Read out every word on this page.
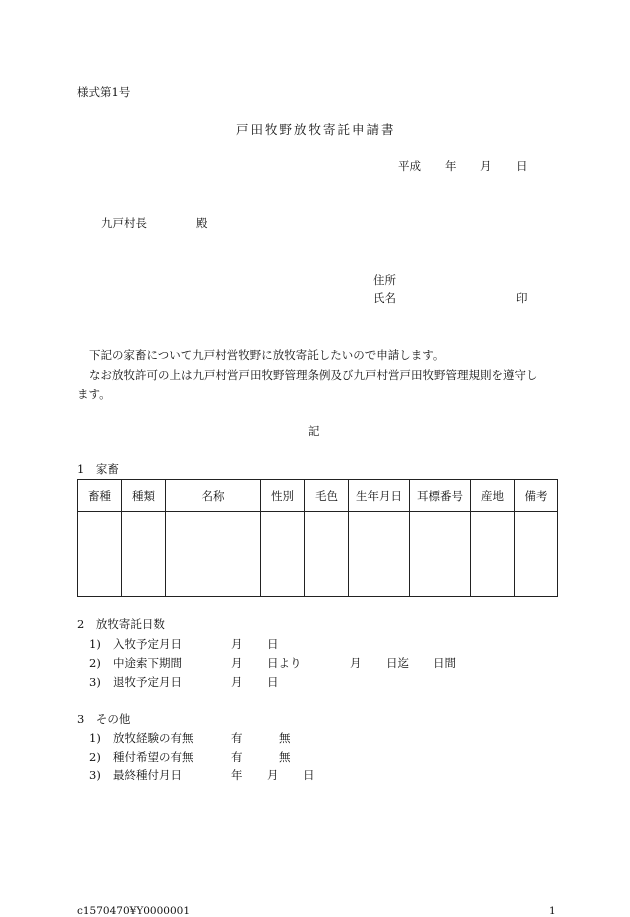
様式第1号
戸田牧野放牧寄託申請書
平成 年 月 日
九戸村長	殿
住所
氏名	印
下記の家畜について九戸村営牧野に放牧寄託したいので申請します。
なお放牧許可の上は九戸村営戸田牧野管理条例及び九戸村営戸田牧野管理規則を遵守し
ます。
記
1　家畜
畜種	種類	名称	性別	毛色	生年月日	耳標番号	産地	備考

2　放牧寄託日数
1) 入牧予定月日	月 日
2) 中途索下期間	月 日より	月 日迄 日間
3) 退牧予定月日	月 日
3　その他
1) 放牧経験の有無	有	無
2) 種付希望の有無	有	無
3) 最終種付月日	年 月 日
c1570470¥Y0000001	1
